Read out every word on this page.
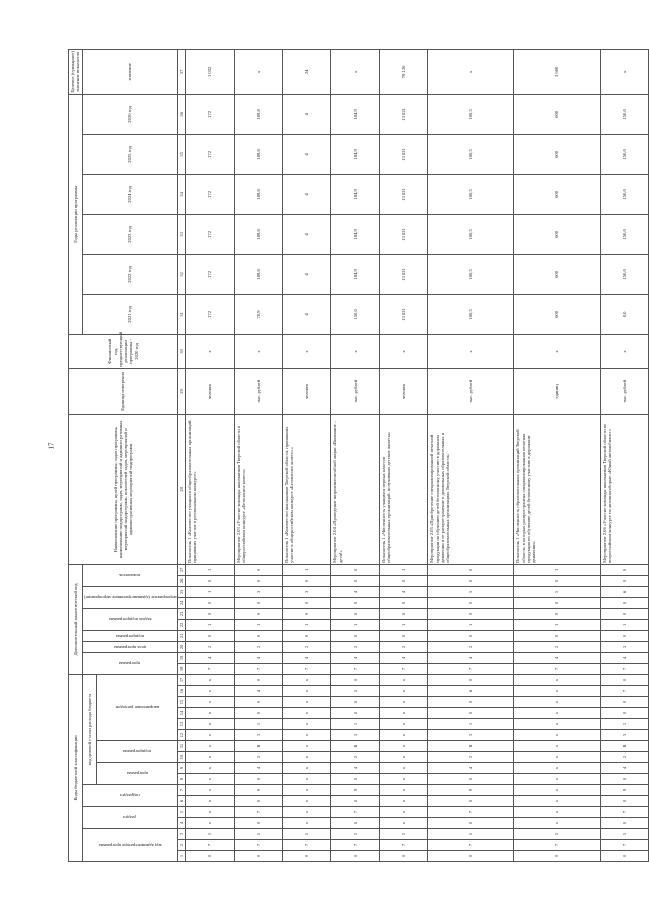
17
Коды бюджетной классификации																	Дополнительный аналитический код										Наименование программы, целей программы, задач программы, наименование подпрограмм, задач, мероприятий и административных мероприятий подпрограмм, показателей задач, мероприятий и административных мероприятий подпрограмм	Единица измерения	Финансовый год, предшествующий реализации программы - 2020 год	Годы реализации программы						Целевое (суммарное) значение показателя

код администратора программы			раздел		подраздел		код целевой статьи расхода бюджета										программа		цель программы	подпрограмма	задача подпрограммы		мероприятие (административное мероприятие)		показатель					2021 год	2022 год	2023 год	2024 год	2025 год	2026 год	значение

							программа		подпрограмма		направление расходов																									

1	2	3	4	5	6	7	8	9	10	11	12	13	14	15	16	17	18	19	20	21	22	23	24	25	26	27	28	29	30	31	32	33	34	35	36	37
0	7	5	x	x	x	x	x	x	x	x	x	x	x	x	x	x	7	4	2	0	1	0	0	1	0	1	Показатель 1 «Количество учащихся общеобразовательных организаций, принявших участие в региональном конкурсе»	человек	х	172	172	172	172	172	172	1 032
0	7	5	0	7	0	9	0	4	2	R	3	1	0	0	4	0	7	4	2	0	1	0	0	3	0	0	Мероприятие 2.03 «Участие команды школьников Тверской области в общероссийском конкурсе «Безопасное колесо»	тыс. рублей	х	70,9	189,8	189,8	189,8	189,8	189,8	х
0	7	5	x	x	x	x	x	x	x	x	x	x	x	x	x	x	7	4	2	0	1	0	0	3	0	1	Показатель 1 «Количество школьников Тверской области, принявших участие в общероссийском конкурсе «Безопасное колесо»»	человек	х	4	4	4	4	4	4	24
0	7	5	0	7	0	9	0	4	2	R	3	1	0	0	5	0	7	4	2	0	1	0	0	4	0	0	Мероприятие 2.04 «Проведение широкомасштабной акции «Внимание – дети!»	тыс. рублей	х	150,0	184,9	184,9	184,9	184,9	184,9	х
0	7	5	x	x	x	x	x	x	x	x	x	x	x	x	x	x	7	4	2	0	1	0	0	4	0	1	Показатель 1 «Численность учащихся первых классов общеобразовательных организаций, получивших детские жилеты»	человек	х	13 021	13 021	13 021	13 021	13 021	13 021	78 126
0	7	5	0	7	0	9	0	4	2	R	3	1	0	0	6	0	7	4	2	0	1	0	0	5	0	0	Мероприятие 2.05 «Приобретение специализированной печатной продукции по обучению детей безопасному участию в дорожном движении и ее распространение в дошкольных образовательных и общеобразовательных организациях Тверской области»	тыс. рублей	х	100,5	100,5	100,5	100,5	100,5	100,5	х
0	7	5	x	x	x	x	x	x	x	x	x	x	x	x	x	x	7	4	2	0	1	0	0	5	0	1	Показатель 1 «Численность образовательных организаций Тверской области, в которых распространена специализированная печатная продукция по обучению детей безопасному участию в дорожном движении»	единиц	х	600	600	600	600	600	600	3 600
0	7	5	0	7	0	9	0	4	2	R	3	1	0	0	7	0	7	4	2	0	1	0	0	6	0	0	Мероприятие 2.06 «Участие команды школьников Тверской области во всероссийском конкурсе по автомногоборью «Юный автомобилист»	тыс. рублей	х	0,0	150,0	150,0	150,0	150,0	150,0	х
